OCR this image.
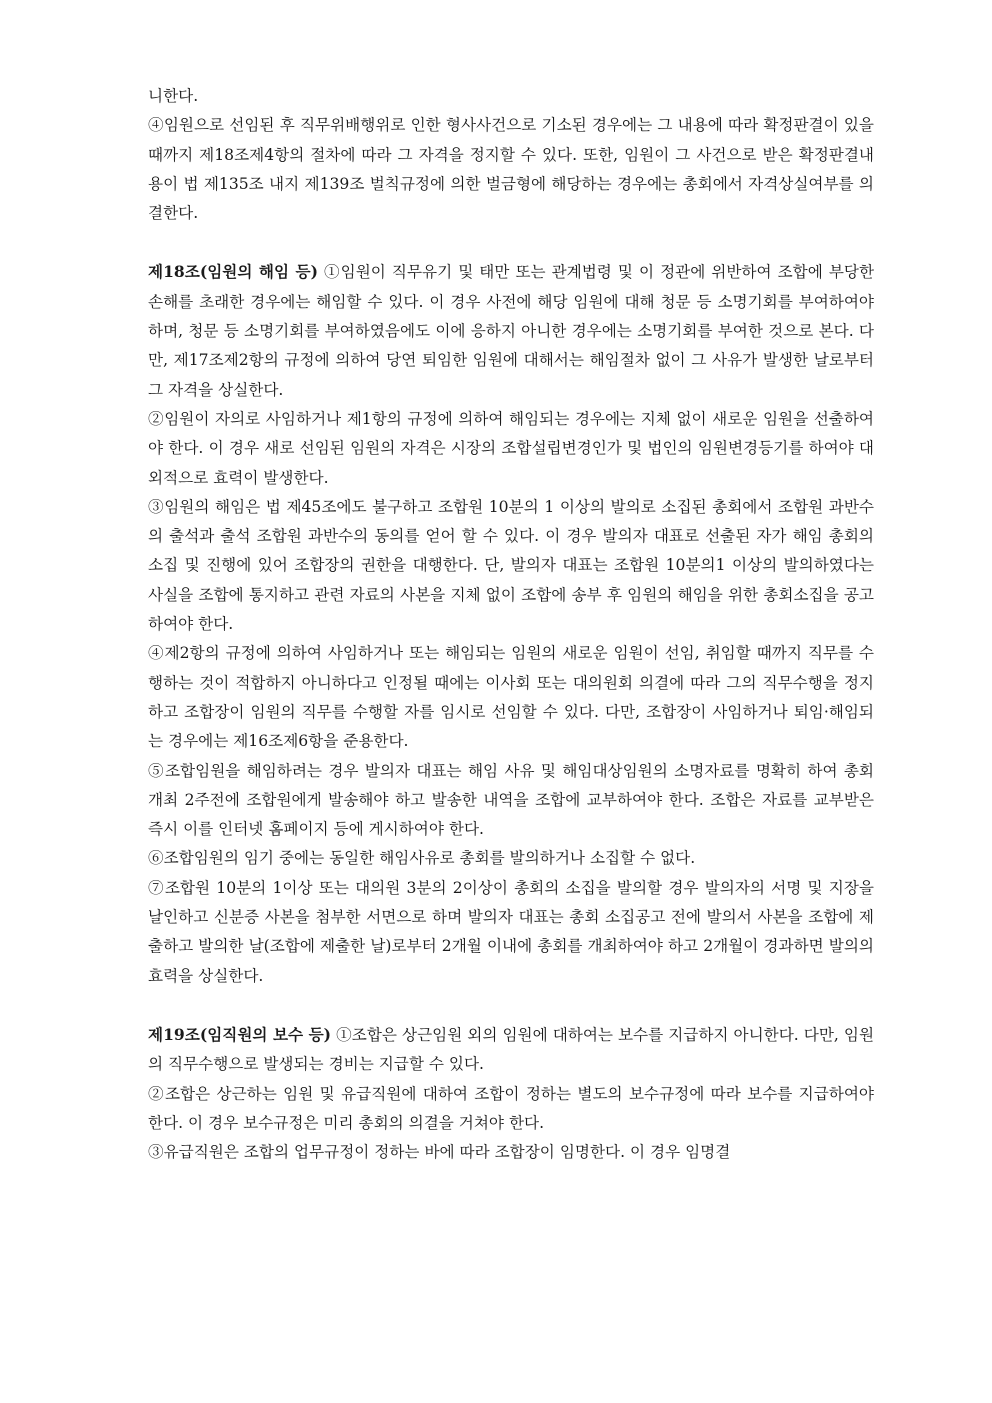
니한다.

④임원으로 선임된 후 직무위배행위로 인한 형사사건으로 기소된 경우에는 그 내용에 따라 확정판결이 있을 때까지 제18조제4항의 절차에 따라 그 자격을 정지할 수 있다. 또한, 임원이 그 사건으로 받은 확정판결내용이 법 제135조 내지 제139조 벌칙규정에 의한 벌금형에 해당하는 경우에는 총회에서 자격상실여부를 의결한다.

제18조(임원의 해임 등) ①임원이 직무유기 및 태만 또는 관계법령 및 이 정관에 위반하여 조합에 부당한 손해를 초래한 경우에는 해임할 수 있다. 이 경우 사전에 해당 임원에 대해 청문 등 소명기회를 부여하여야 하며, 청문 등 소명기회를 부여하였음에도 이에 응하지 아니한 경우에는 소명기회를 부여한 것으로 본다. 다만, 제17조제2항의 규정에 의하여 당연 퇴임한 임원에 대해서는 해임절차 없이 그 사유가 발생한 날로부터 그 자격을 상실한다.

②임원이 자의로 사임하거나 제1항의 규정에 의하여 해임되는 경우에는 지체 없이 새로운 임원을 선출하여야 한다. 이 경우 새로 선임된 임원의 자격은 시장의 조합설립변경인가 및 법인의 임원변경등기를 하여야 대외적으로 효력이 발생한다.

③임원의 해임은 법 제45조에도 불구하고 조합원 10분의 1 이상의 발의로 소집된 총회에서 조합원 과반수의 출석과 출석 조합원 과반수의 동의를 얻어 할 수 있다. 이 경우 발의자 대표로 선출된 자가 해임 총회의 소집 및 진행에 있어 조합장의 권한을 대행한다. 단, 발의자 대표는 조합원 10분의1 이상의 발의하였다는 사실을 조합에 통지하고 관련 자료의 사본을 지체 없이 조합에 송부 후 임원의 해임을 위한 총회소집을 공고하여야 한다.

④제2항의 규정에 의하여 사임하거나 또는 해임되는 임원의 새로운 임원이 선임, 취임할 때까지 직무를 수행하는 것이 적합하지 아니하다고 인정될 때에는 이사회 또는 대의원회 의결에 따라 그의 직무수행을 정지하고 조합장이 임원의 직무를 수행할 자를 임시로 선임할 수 있다. 다만, 조합장이 사임하거나 퇴임·해임되는 경우에는 제16조제6항을 준용한다.

⑤조합임원을 해임하려는 경우 발의자 대표는 해임 사유 및 해임대상임원의 소명자료를 명확히 하여 총회 개최 2주전에 조합원에게 발송해야 하고 발송한 내역을 조합에 교부하여야 한다. 조합은 자료를 교부받은 즉시 이를 인터넷 홈페이지 등에 게시하여야 한다.

⑥조합임원의 임기 중에는 동일한 해임사유로 총회를 발의하거나 소집할 수 없다.

⑦조합원 10분의 1이상 또는 대의원 3분의 2이상이 총회의 소집을 발의할 경우 발의자의 서명 및 지장을 날인하고 신분증 사본을 첨부한 서면으로 하며 발의자 대표는 총회 소집공고 전에 발의서 사본을 조합에 제출하고 발의한 날(조합에 제출한 날)로부터 2개월 이내에 총회를 개최하여야 하고 2개월이 경과하면 발의의 효력을 상실한다.

제19조(임직원의 보수 등) ①조합은 상근임원 외의 임원에 대하여는 보수를 지급하지 아니한다. 다만, 임원의 직무수행으로 발생되는 경비는 지급할 수 있다.

②조합은 상근하는 임원 및 유급직원에 대하여 조합이 정하는 별도의 보수규정에 따라 보수를 지급하여야 한다. 이 경우 보수규정은 미리 총회의 의결을 거쳐야 한다.

③유급직원은 조합의 업무규정이 정하는 바에 따라 조합장이 임명한다. 이 경우 임명결
